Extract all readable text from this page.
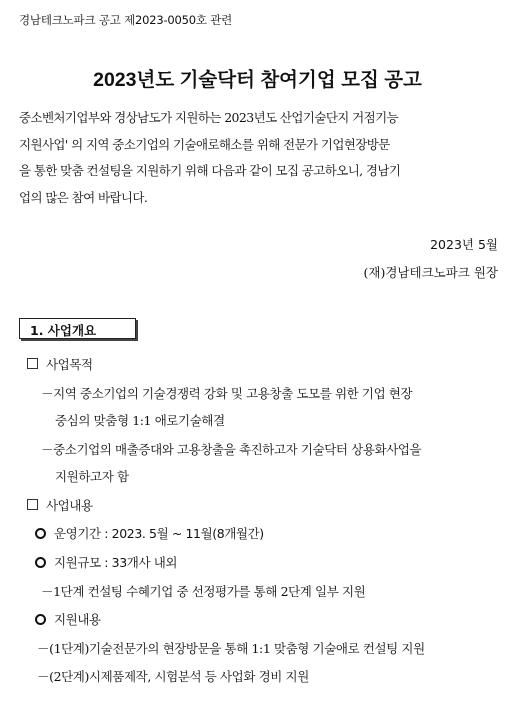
경남테크노파크 공고 제2023-0050호 관련
2023년도 기술닥터 참여기업 모집 공고
중소벤처기업부와 경상남도가 지원하는 2023년도 산업기술단지 거점기능
지원사업' 의 지역 중소기업의 기술애로해소를 위해 전문가 기업현장방문
을 통한 맞춤 컨설팅을 지원하기 위해 다음과 같이 모집 공고하오니, 경남기
업의 많은 참여 바랍니다.
2023년 5월
(재)경남테크노파크 원장
1. 사업개요
사업목적
－지역 중소기업의 기술경쟁력 강화 및 고용창출 도모를 위한 기업 현장
중심의 맞춤형 1:1 애로기술해결
－중소기업의 매출증대와 고용창출을 촉진하고자 기술닥터 상용화사업을
지원하고자 함
사업내용
운영기간 : 2023. 5월 ~ 11월(8개월간)
지원규모 : 33개사 내외
－1단계 컨설팅 수혜기업 중 선정평가를 통해 2단계 일부 지원
지원내용
－(1단계)기술전문가의 현장방문을 통해 1:1 맞춤형 기술애로 컨설팅 지원
－(2단계)시제품제작, 시험분석 등 사업화 경비 지원
